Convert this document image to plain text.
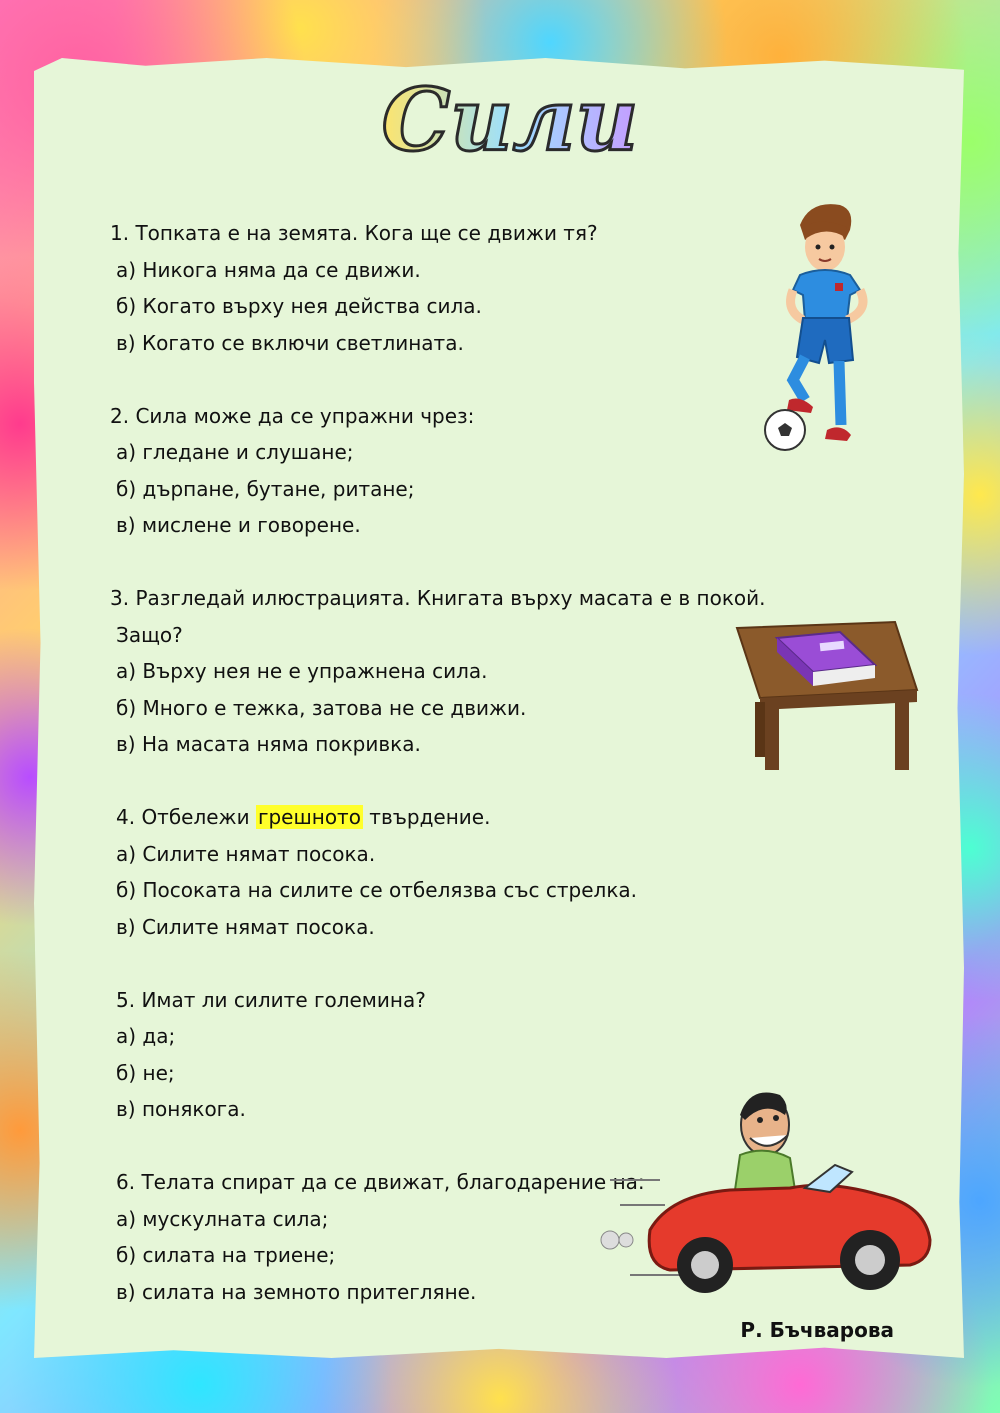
Сили
1. Топката е на земята. Кога ще се движи тя?
а) Никога няма да се движи.
б) Когато върху нея действа сила.
в) Когато се включи светлината.
2. Сила може да се упражни чрез:
а) гледане и слушане;
б) дърпане, бутане, ритане;
в) мислене и говорене.
3. Разгледай илюстрацията. Книгата върху масата е в покой.
Защо?
а) Върху нея не е упражнена сила.
б) Много е тежка, затова не се движи.
в) На масата няма покривка.
4. Отбележи грешното твърдение.
а) Силите нямат посока.
б) Посоката на силите се отбелязва със стрелка.
в) Силите нямат посока.
5. Имат ли силите големина?
а) да;
б) не;
в) понякога.
6. Телата спират да се движат, благодарение на:
а) мускулната сила;
б) силата на триене;
в) силата на земното притегляне.
Р. Бъчварова
